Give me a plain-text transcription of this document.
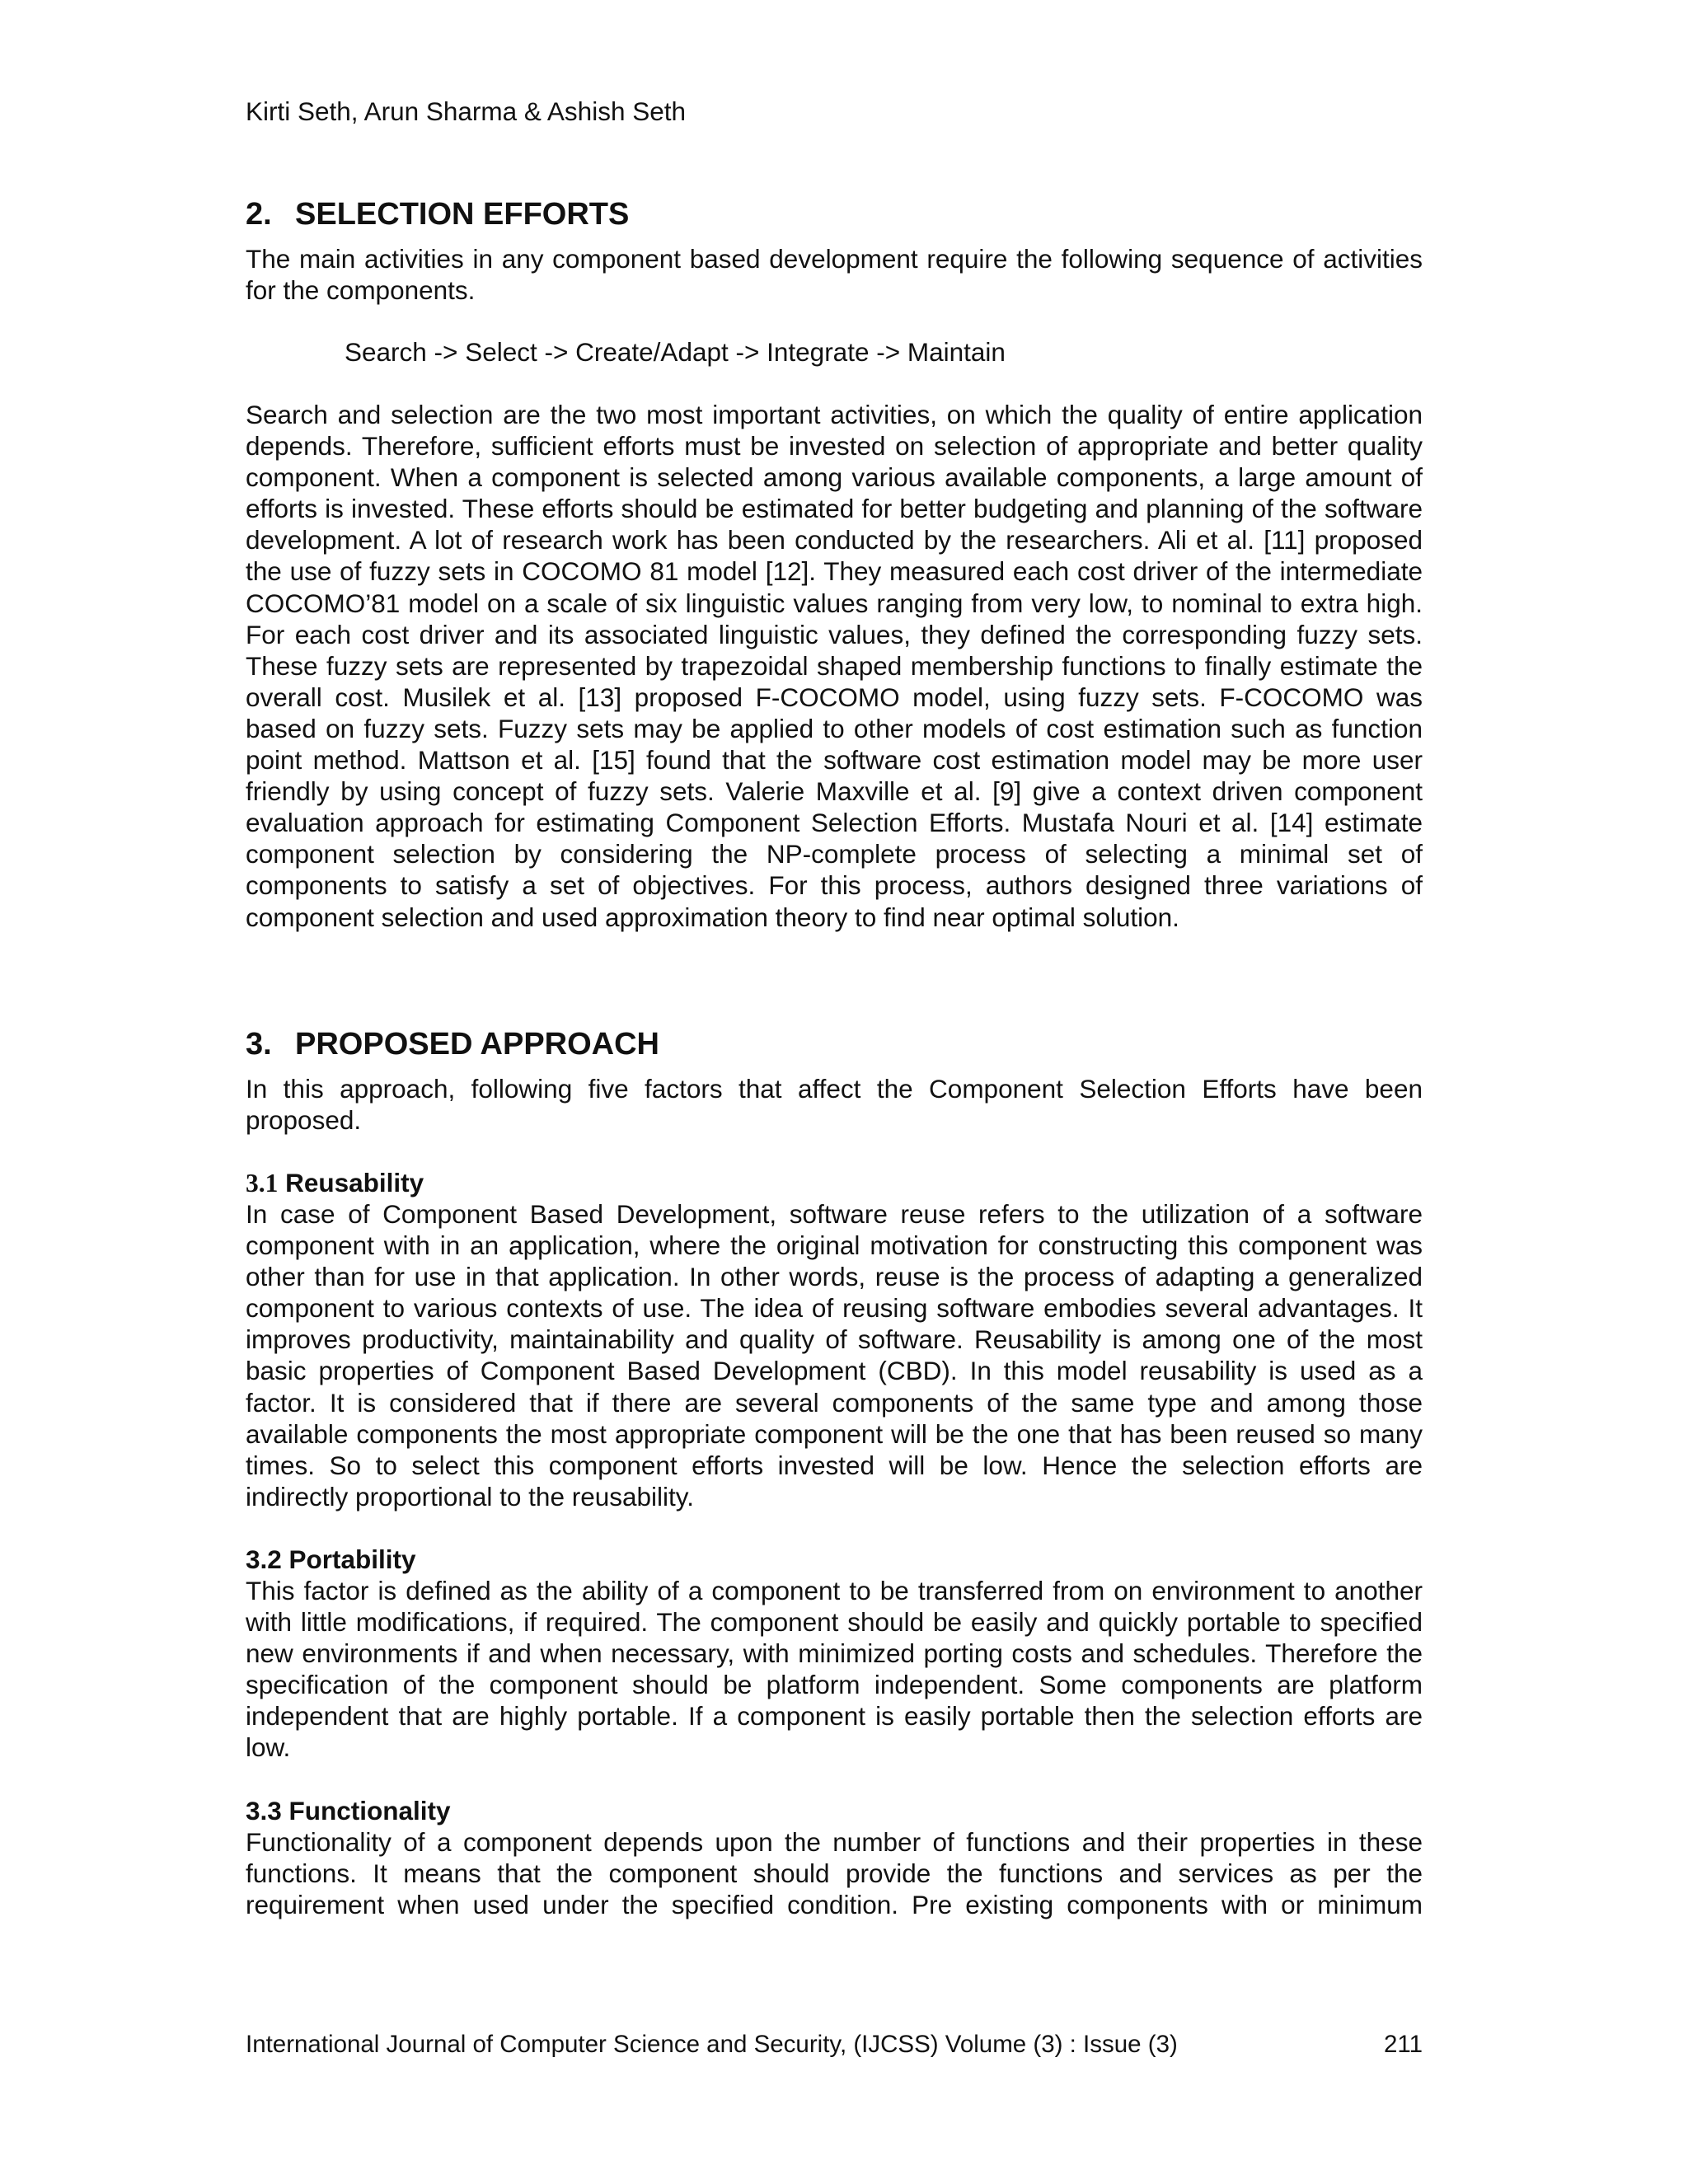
Kirti Seth, Arun Sharma & Ashish Seth
2. SELECTION EFFORTS

The main activities in any component based development require the following sequence of activities for the components.

Search -> Select -> Create/Adapt -> Integrate -> Maintain

Search and selection are the two most important activities, on which the quality of entire application depends. Therefore, sufficient efforts must be invested on selection of appropriate and better quality component. When a component is selected among various available components, a large amount of efforts is invested. These efforts should be estimated for better budgeting and planning of the software development. A lot of research work has been conducted by the researchers. Ali et al. [11] proposed the use of fuzzy sets in COCOMO 81 model [12]. They measured each cost driver of the intermediate COCOMO’81 model on a scale of six linguistic values ranging from very low, to nominal to extra high. For each cost driver and its associated linguistic values, they defined the corresponding fuzzy sets. These fuzzy sets are represented by trapezoidal shaped membership functions to finally estimate the overall cost. Musilek et al. [13] proposed F-COCOMO model, using fuzzy sets. F-COCOMO was based on fuzzy sets. Fuzzy sets may be applied to other models of cost estimation such as function point method. Mattson et al. [15] found that the software cost estimation model may be more user friendly by using concept of fuzzy sets. Valerie Maxville et al. [9] give a context driven component evaluation approach for estimating Component Selection Efforts. Mustafa Nouri et al. [14] estimate component selection by considering the NP-complete process of selecting a minimal set of components to satisfy a set of objectives. For this process, authors designed three variations of component selection and used approximation theory to find near optimal solution.

3. PROPOSED APPROACH

In this approach, following five factors that affect the Component Selection Efforts have been proposed.

3.1 Reusability

In case of Component Based Development, software reuse refers to the utilization of a software component with in an application, where the original motivation for constructing this component was other than for use in that application. In other words, reuse is the process of adapting a generalized component to various contexts of use. The idea of reusing software embodies several advantages. It improves productivity, maintainability and quality of software. Reusability is among one of the most basic properties of Component Based Development (CBD). In this model reusability is used as a factor. It is considered that if there are several components of the same type and among those available components the most appropriate component will be the one that has been reused so many times. So to select this component efforts invested will be low. Hence the selection efforts are indirectly proportional to the reusability.

3.2 Portability

This factor is defined as the ability of a component to be transferred from on environment to another with little modifications, if required. The component should be easily and quickly portable to specified new environments if and when necessary, with minimized porting costs and schedules. Therefore the specification of the component should be platform independent. Some components are platform independent that are highly portable. If a component is easily portable then the selection efforts are low.

3.3 Functionality

Functionality of a component depends upon the number of functions and their properties in these functions. It means that the component should provide the functions and services as per the requirement when used under the specified condition. Pre existing components with or minimum

International Journal of Computer Science and Security, (IJCSS) Volume (3) : Issue (3)	211
